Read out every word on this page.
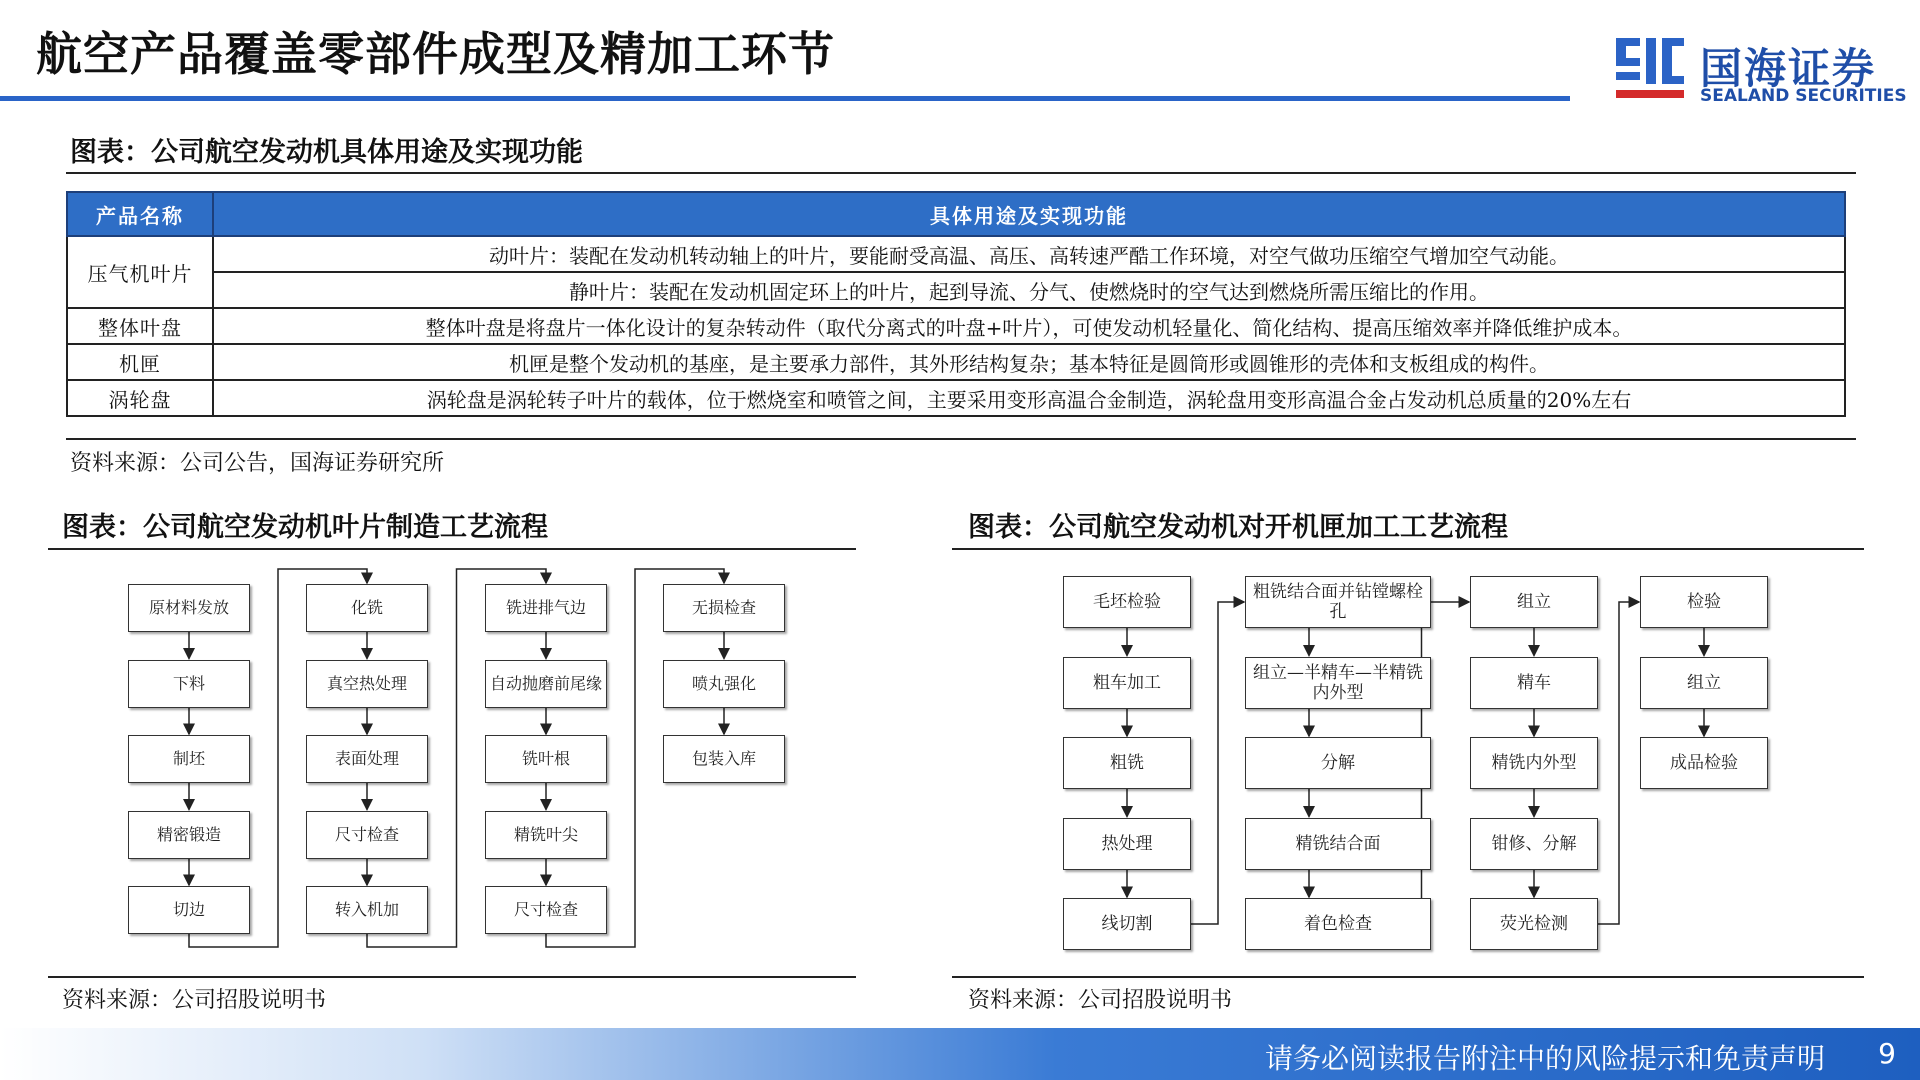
航空产品覆盖零部件成型及精加工环节	国海证券
SEALAND SECURITIES
图表：公司航空发动机具体用途及实现功能
产品名称	具体用途及实现功能
压气机叶片	动叶片：装配在发动机转动轴上的叶片，要能耐受高温、高压、高转速严酷工作环境，对空气做功压缩空气增加空气动能。
	静叶片：装配在发动机固定环上的叶片，起到导流、分气、使燃烧时的空气达到燃烧所需压缩比的作用。
整体叶盘	整体叶盘是将盘片一体化设计的复杂转动件（取代分离式的叶盘+叶片），可使发动机轻量化、简化结构、提高压缩效率并降低维护成本。
机匣	机匣是整个发动机的基座，是主要承力部件，其外形结构复杂；基本特征是圆筒形或圆锥形的壳体和支板组成的构件。
涡轮盘	涡轮盘是涡轮转子叶片的载体，位于燃烧室和喷管之间，主要采用变形高温合金制造，涡轮盘用变形高温合金占发动机总质量的20%左右
资料来源：公司公告，国海证券研究所
图表：公司航空发动机叶片制造工艺流程
原材料发放
下料
制坯
精密锻造
切边
化铣
真空热处理
表面处理
尺寸检查
转入机加
铣进排气边
自动抛磨前尾缘
铣叶根
精铣叶尖
尺寸检查
无损检查
喷丸强化
包装入库
资料来源：公司招股说明书
图表：公司航空发动机对开机匣加工工艺流程
毛坯检验
粗车加工
粗铣
热处理
线切割
粗铣结合面并钻镗螺栓孔
组立—半精车—半精铣内外型
分解
精铣结合面
着色检查
组立
精车
精铣内外型
钳修、分解
荧光检测
检验
组立
成品检验
资料来源：公司招股说明书
请务必阅读报告附注中的风险提示和免责声明 9
